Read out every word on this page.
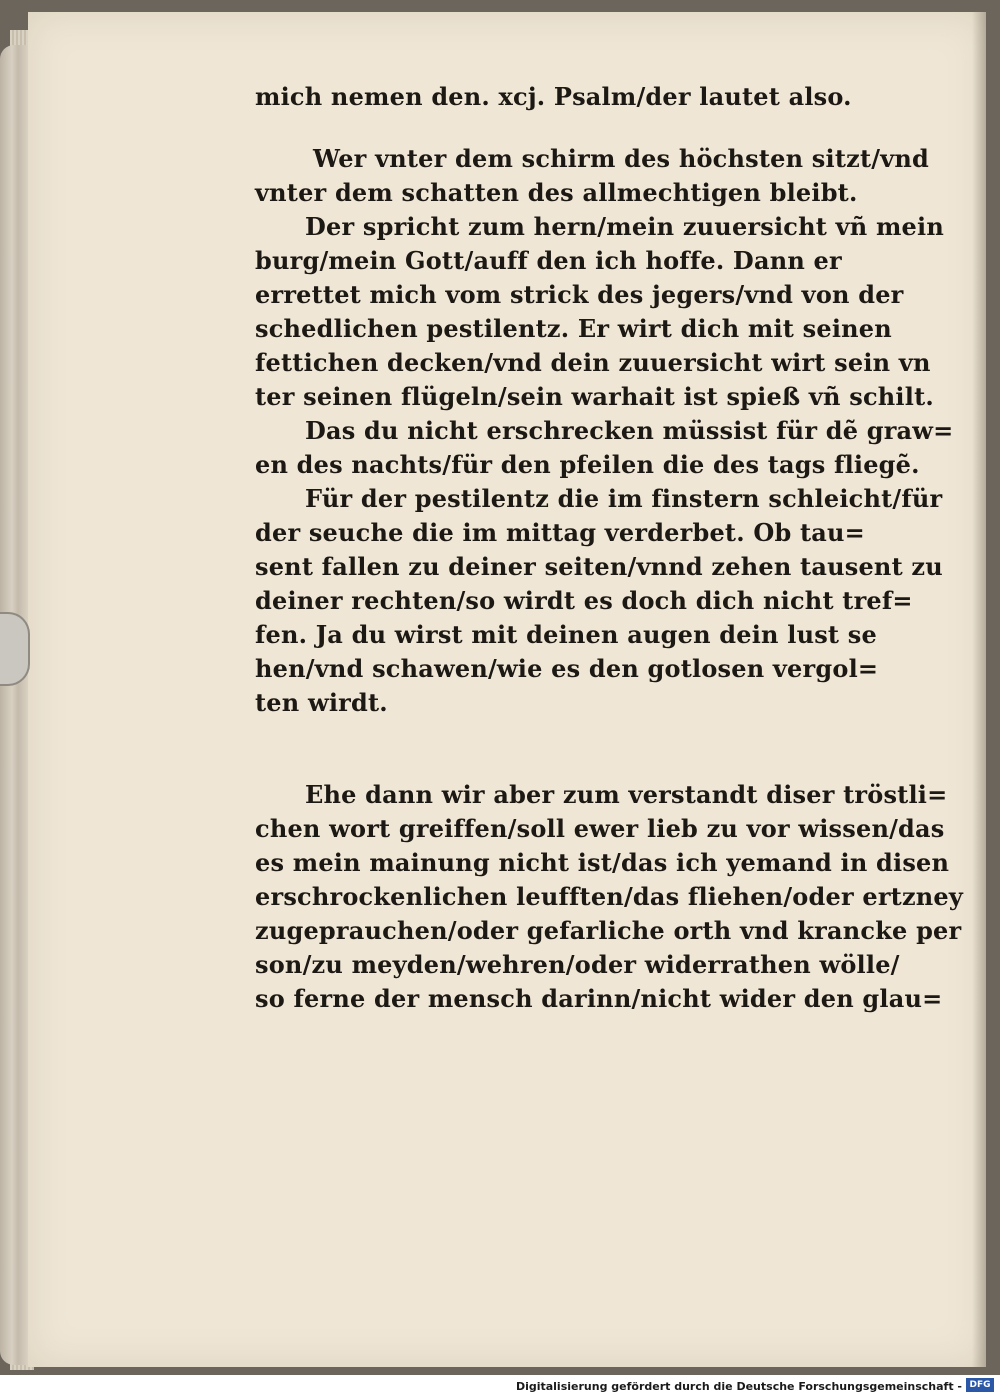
mich nemen den. xcj. Psalm/der lautet also.
Wer vnter dem schirm des höchsten sitzt/vnd
vnter dem schatten des allmechtigen bleibt.
Der spricht zum hern/mein zuuersicht vñ mein
burg/mein Gott/auff den ich hoffe. Dann er
errettet mich vom strick des jegers/vnd von der
schedlichen pestilentz. Er wirt dich mit seinen
fettichen decken/vnd dein zuuersicht wirt sein vn
ter seinen flügeln/sein warhait ist spieß vñ schilt.
Das du nicht erschrecken müssist für dẽ graw=
en des nachts/für den pfeilen die des tags fliegẽ.
Für der pestilentz die im finstern schleicht/für
der seuche die im mittag verderbet. Ob tau=
sent fallen zu deiner seiten/vnnd zehen tausent zu
deiner rechten/so wirdt es doch dich nicht tref=
fen. Ja du wirst mit deinen augen dein lust se
hen/vnd schawen/wie es den gotlosen vergol=
ten wirdt.
Ehe dann wir aber zum verstandt diser tröstli=
chen wort greiffen/soll ewer lieb zu vor wissen/das
es mein mainung nicht ist/das ich yemand in disen
erschrockenlichen leufften/das fliehen/oder ertzney
zugeprauchen/oder gefarliche orth vnd krancke per
son/zu meyden/wehren/oder widerrathen wölle/
so ferne der mensch darinn/nicht wider den glau=
Digitalisierung gefördert durch die Deutsche Forschungsgemeinschaft - DFG
